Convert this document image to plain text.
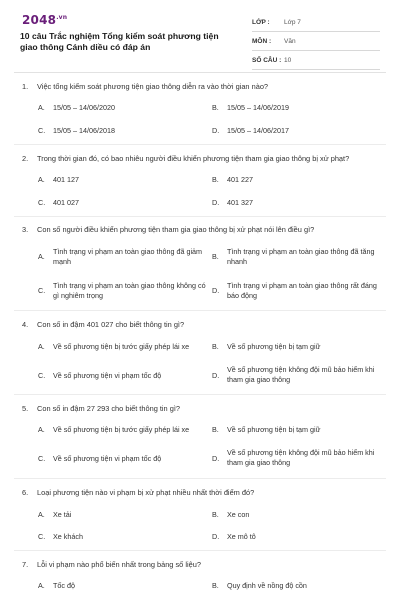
$2048^{.vn}$
10 câu Trắc nghiệm Tổng kiểm soát phương tiện giao thông Cánh diều có đáp án
LỚP :	Lớp 7
MÔN :	Văn
SỐ CÂU : 10
1. Việc tổng kiểm soát phương tiện giao thông diễn ra vào thời gian nào?
A. 15/05 – 14/06/2020	B. 15/05 – 14/06/2019
C. 15/05 – 14/06/2018	D. 15/05 – 14/06/2017
2. Trong thời gian đó, có bao nhiêu người điều khiển phương tiện tham gia giao thông bị xử phạt?
A. 401 127	B. 401 227
C. 401 027	D. 401 327
3. Con số người điều khiển phương tiện tham gia giao thông bị xử phạt nói lên điều gì?
A.
Tình trạng vi phạm an toàn giao thông đã giảm mạnh
B.
Tình trạng vi phạm an toàn giao thông đã tăng nhanh
C.
Tình trạng vi phạm an toàn giao thông không có gì nghiêm trọng
D.
Tình trạng vi phạm an toàn giao thông rất đáng báo động
4. Con số in đậm 401 027 cho biết thông tin gì?
A. Về số phương tiện bị tước giấy phép lái xe	B. Về số phương tiện bị tạm giữ
C. Về số phương tiện vi phạm tốc độ	D.
Về số phương tiện không đội mũ bảo hiểm khi tham gia giao thông
5. Con số in đậm 27 293 cho biết thông tin gì?
A. Về số phương tiện bị tước giấy phép lái xe	B. Về số phương tiện bị tạm giữ
C. Về số phương tiện vi phạm tốc độ	D.
Về số phương tiện không đội mũ bảo hiểm khi tham gia giao thông
6. Loại phương tiện nào vi phạm bị xử phạt nhiều nhất thời điểm đó?
A. Xe tải	B. Xe con
C. Xe khách	D. Xe mô tô
7. Lỗi vi phạm nào phổ biến nhất trong bảng số liệu?
A. Tốc độ	B. Quy định về nồng độ cồn
